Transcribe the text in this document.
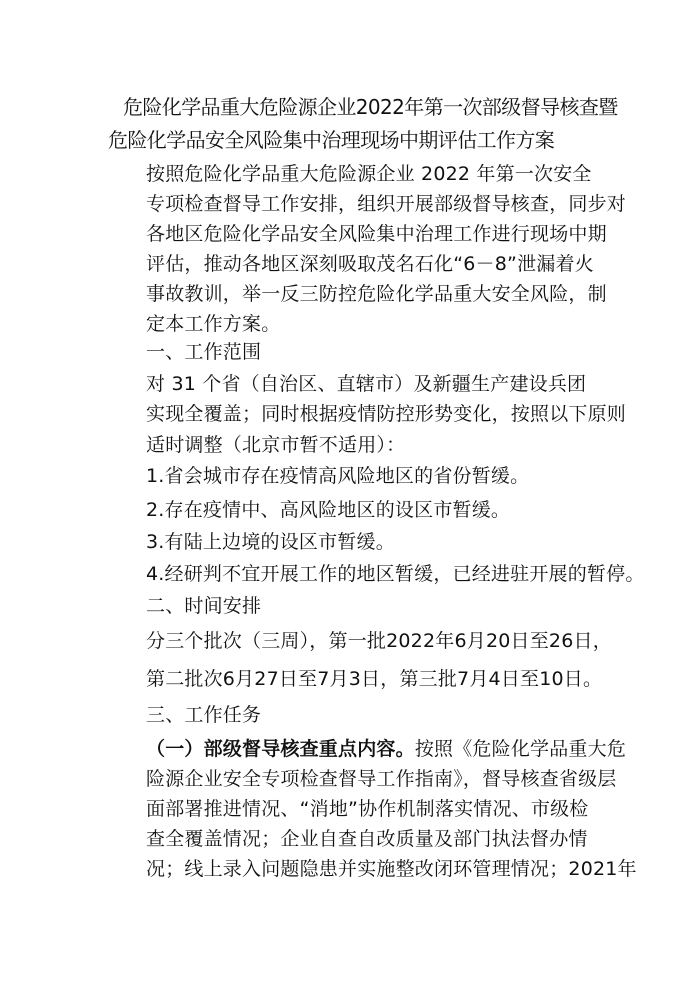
危险化学品重大危险源企业2022年第一次部级督导核查暨
危险化学品安全风险集中治理现场中期评估工作方案
按照危险化学品重大危险源企业 2022 年第一次安全
专项检查督导工作安排，组织开展部级督导核查，同步对
各地区危险化学品安全风险集中治理工作进行现场中期
评估，推动各地区深刻吸取茂名石化“6－8”泄漏着火
事故教训，举一反三防控危险化学品重大安全风险，制
定本工作方案。
一、工作范围
对 31 个省（自治区、直辖市）及新疆生产建设兵团
实现全覆盖；同时根据疫情防控形势变化，按照以下原则
适时调整（北京市暂不适用）：
1.省会城市存在疫情高风险地区的省份暂缓。
2.存在疫情中、高风险地区的设区市暂缓。
3.有陆上边境的设区市暂缓。
4.经研判不宜开展工作的地区暂缓，已经进驻开展的暂停。
二、时间安排
分三个批次（三周），第一批2022年6月20日至26日，
第二批次6月27日至7月3日，第三批7月4日至10日。
三、工作任务
（一）部级督导核查重点内容。按照《危险化学品重大危
险源企业安全专项检查督导工作指南》，督导核查省级层
面部署推进情况、“消地”协作机制落实情况、市级检
查全覆盖情况；企业自查自改质量及部门执法督办情
况；线上录入问题隐患并实施整改闭环管理情况；2021年
